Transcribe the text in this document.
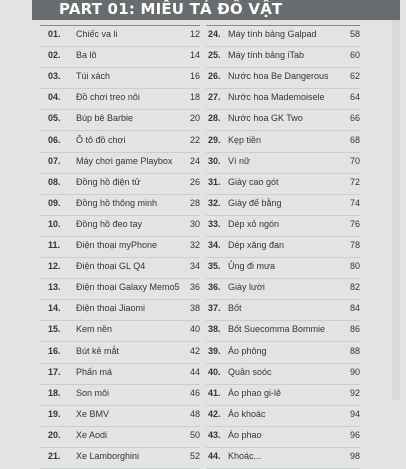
PART 01: MIÊU TẢ ĐỒ VẬT
01. Chiếc va li	12
02. Ba lô	14
03. Túi xách	16
04. Đồ chơi treo nôi	18
05. Búp bê Barbie	20
06. Ô tô đồ chơi	22
07. Máy chơi game Playbox 24
08. Đồng hồ điện tử	26
09. Đồng hồ thông minh	28
10. Đồng hồ đeo tay	30
11. Điện thoại myPhone	32
12. Điện thoại GL Q4	34
13. Điện thoại Galaxy Memo5 36
14. Điện thoại Jiaomi	38
15. Kem nền	40
16. Bút kẻ mắt	42
17. Phấn má	44
18. Son môi	46
19. Xe BMV	48
20. Xe Aodi	50
21. Xe Lamborghini	52
24. Máy tính bảng Galpad	58
25. Máy tính bảng iTab	60
26. Nước hoa Be Dangerous 62
27. Nước hoa Mademoisele	64
28. Nước hoa GK Two	66
29. Kẹp tiền	68
30. Ví nữ	70
31. Giày cao gót	72
32. Giày đế bằng	74
33. Dép xỏ ngón	76
34. Dép xăng đan	78
35. Ủng đi mưa	80
36. Giày lười	82
37. Bốt	84
38. Bốt Suecomma Bommie	86
39. Áo phông	88
40. Quần soóc	90
41. Áo phao gi-lê	92
42. Áo khoác	94
43. Áo phao	96
44. Khoác...	98
